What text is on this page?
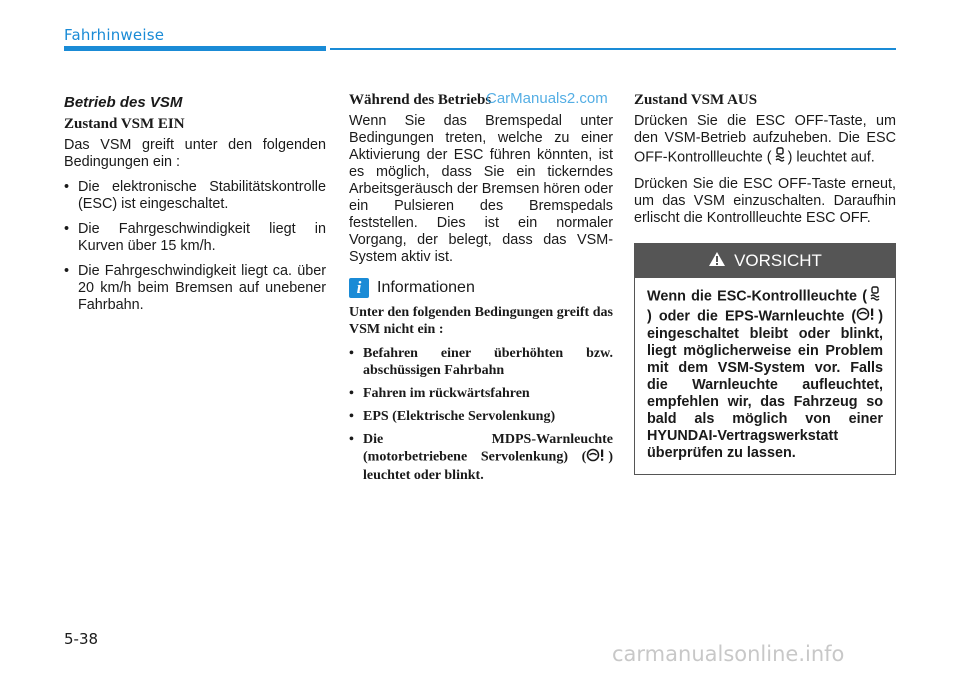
Fahrhinweise
Betrieb des VSM
Zustand VSM EIN

Das VSM greift unter den folgenden Bedingungen ein :

• Die elektronische Stabilitätskontrolle (ESC) ist eingeschaltet.
• Die Fahrgeschwindigkeit liegt in Kurven über 15 km/h.
• Die Fahrgeschwindigkeit liegt ca. über 20 km/h beim Bremsen auf unebener Fahrbahn.
Während des Betriebs

Wenn Sie das Bremspedal unter Bedingungen treten, welche zu einer Aktivierung der ESC führen könnten, ist es möglich, dass Sie ein tickerndes Arbeitsgeräusch der Bremsen hören oder ein Pulsieren des Bremspedals feststellen. Dies ist ein normaler Vorgang, der belegt, dass das VSM-System aktiv ist.

i Informationen

Unter den folgenden Bedingungen greift das VSM nicht ein :

• Befahren einer überhöhten bzw. abschüssigen Fahrbahn
• Fahren im rückwärtsfahren
• EPS (Elektrische Servolenkung)
• Die MDPS-Warnleuchte (motorbetriebene Servolenkung) ( ) leuchtet oder blinkt.
Zustand VSM AUS

Drücken Sie die ESC OFF-Taste, um den VSM-Betrieb aufzuheben. Die ESC OFF-Kontrollleuchte ( ) leuchtet auf.

Drücken Sie die ESC OFF-Taste erneut, um das VSM einzuschalten. Daraufhin erlischt die Kontrollleuchte ESC OFF.

VORSICHT
Wenn die ESC-Kontrollleuchte () oder die EPS-Warnleuchte ( ) eingeschaltet bleibt oder blinkt, liegt möglicherweise ein Problem mit dem VSM-System vor. Falls die Warnleuchte aufleuchtet, empfehlen wir, das Fahrzeug so bald als möglich von einer HYUNDAI-Vertragswerkstatt überprüfen zu lassen.
5-38
CarManuals2.com
carmanualsonline.info
